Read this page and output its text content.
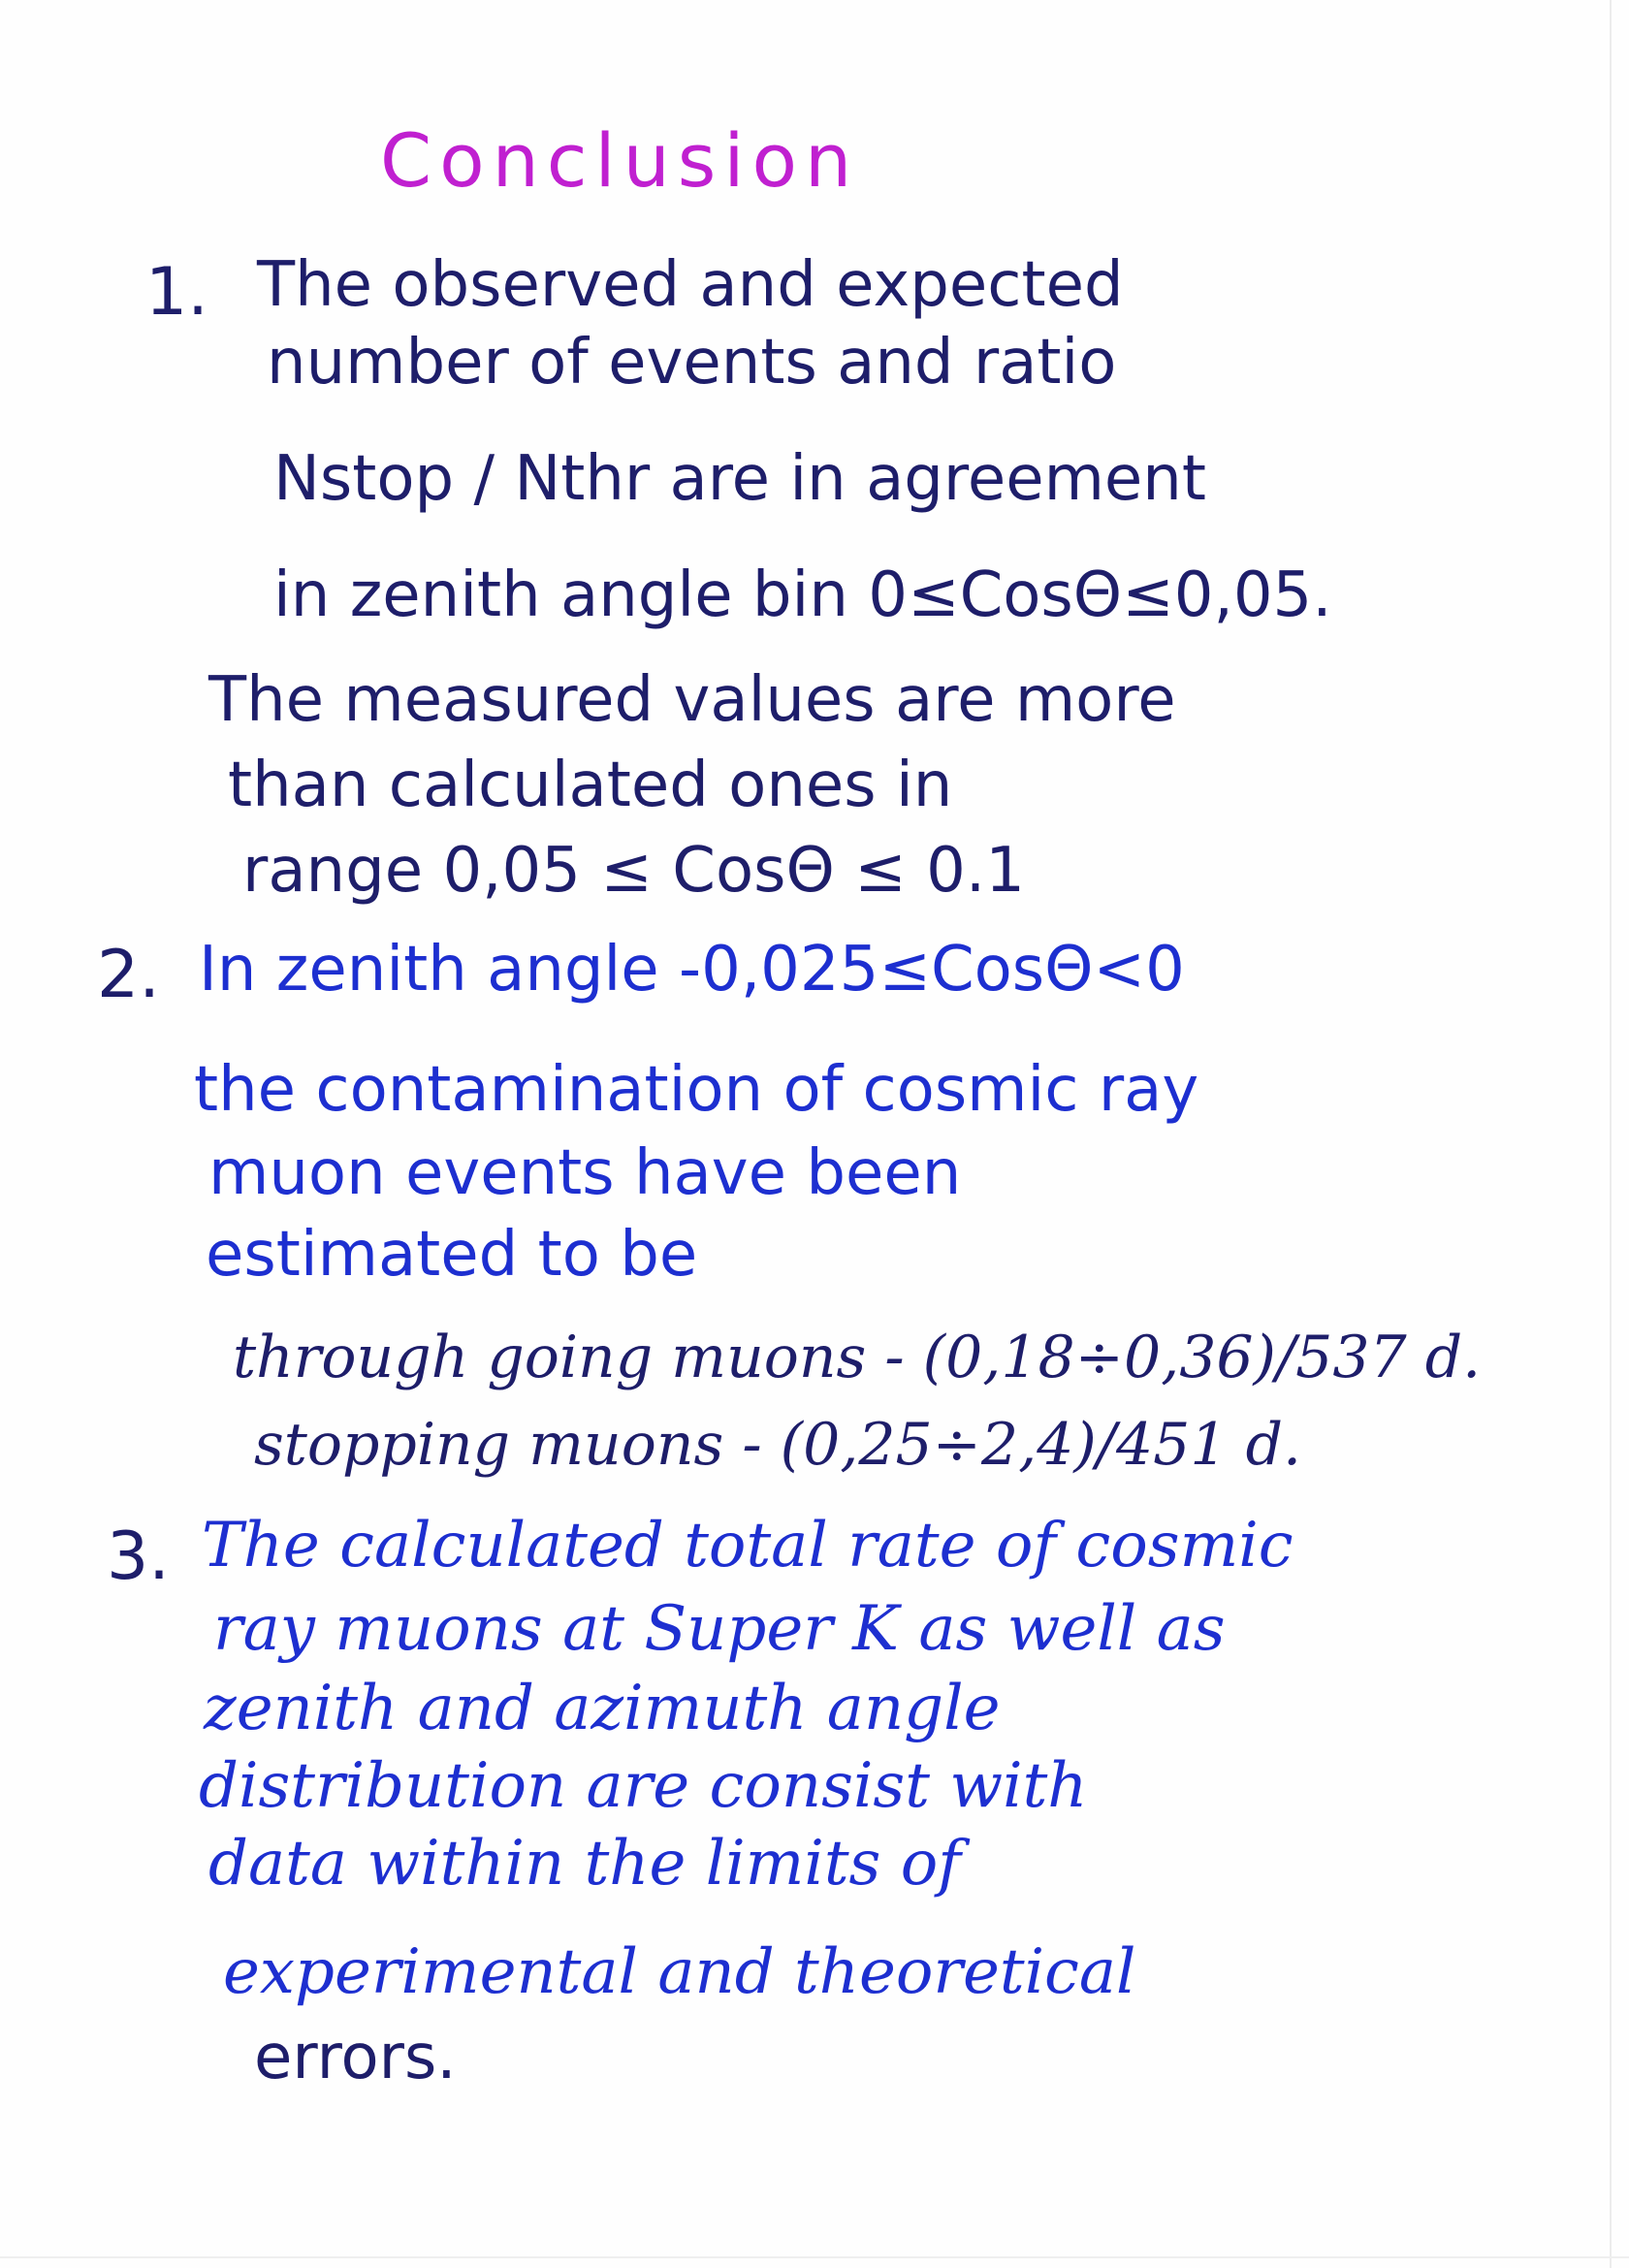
Conclusion
1. The observed and expected
number of events and ratio
Nstop / Nthr are in agreement
in zenith angle bin 0≤CosΘ≤0,05.
The measured values are more
than calculated ones in
range 0,05 ≤ CosΘ ≤ 0.1
2. In zenith angle -0,025≤CosΘ<0
the contamination of cosmic ray
muon events have been
estimated to be
through going muons - (0,18÷0,36)/537 d.
stopping muons - (0,25÷2,4)/451 d.
3. The calculated total rate of cosmic
ray muons at Super K as well as
zenith and azimuth angle
distribution are consist with
data within the limits of
experimental and theoretical
errors.
